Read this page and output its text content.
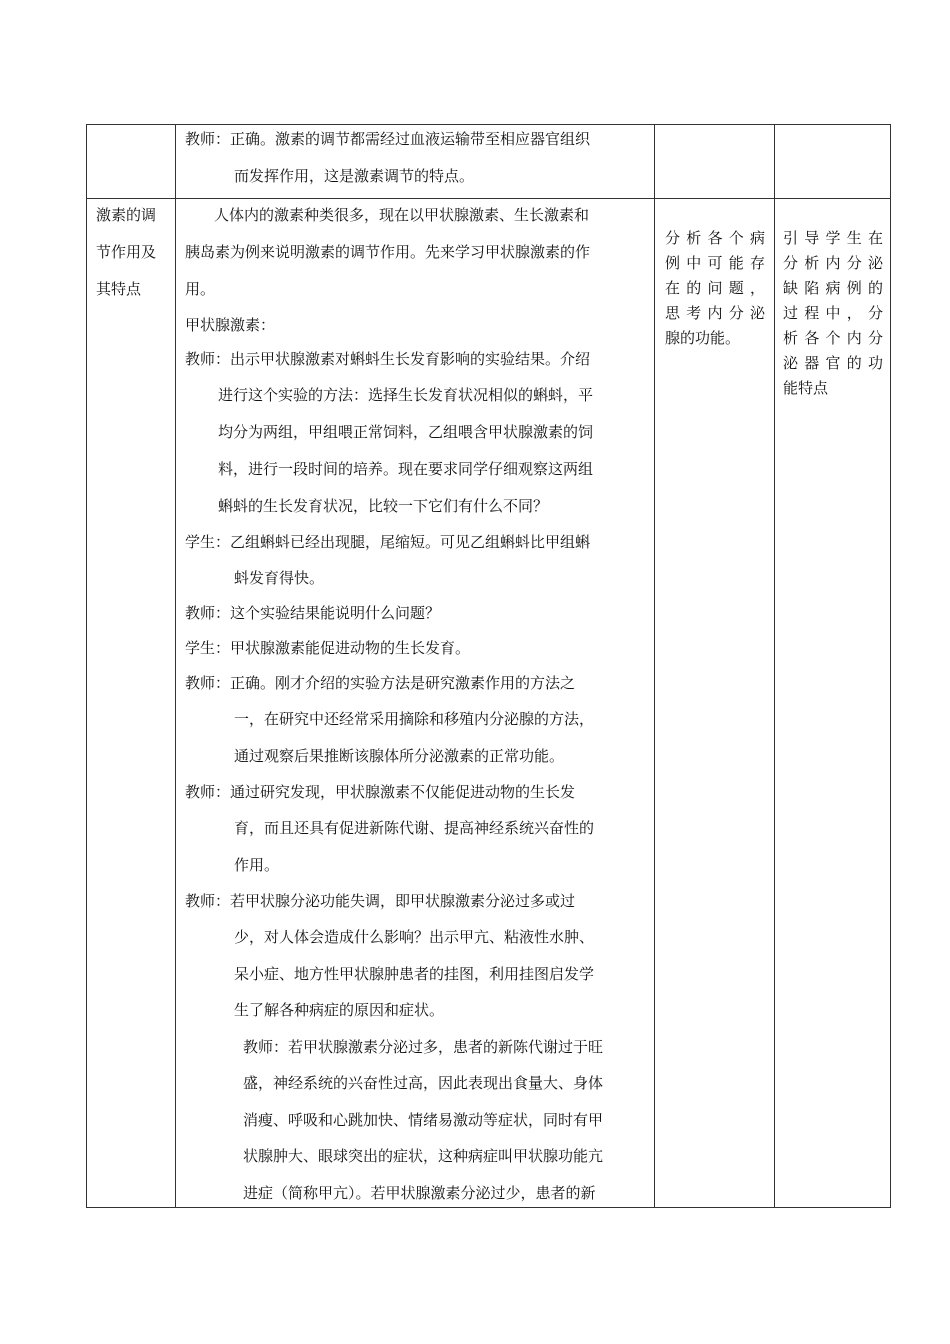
教师：正确。激素的调节都需经过血液运输带至相应器官组织
而发挥作用，这是激素调节的特点。
激素的调
节作用及
其特点
人体内的激素种类很多，现在以甲状腺激素、生长激素和
胰岛素为例来说明激素的调节作用。先来学习甲状腺激素的作
用。
甲状腺激素：
教师：出示甲状腺激素对蝌蚪生长发育影响的实验结果。介绍
进行这个实验的方法：选择生长发育状况相似的蝌蚪，平
均分为两组，甲组喂正常饲料，乙组喂含甲状腺激素的饲
料，进行一段时间的培养。现在要求同学仔细观察这两组
蝌蚪的生长发育状况，比较一下它们有什么不同？
学生：乙组蝌蚪已经出现腿，尾缩短。可见乙组蝌蚪比甲组蝌
蚪发育得快。
教师：这个实验结果能说明什么问题？
学生：甲状腺激素能促进动物的生长发育。
教师：正确。刚才介绍的实验方法是研究激素作用的方法之
一，在研究中还经常采用摘除和移殖内分泌腺的方法，
通过观察后果推断该腺体所分泌激素的正常功能。
教师：通过研究发现，甲状腺激素不仅能促进动物的生长发
育，而且还具有促进新陈代谢、提高神经系统兴奋性的
作用。
教师：若甲状腺分泌功能失调，即甲状腺激素分泌过多或过
少，对人体会造成什么影响？出示甲亢、粘液性水肿、
呆小症、地方性甲状腺肿患者的挂图，利用挂图启发学
生了解各种病症的原因和症状。
教师：若甲状腺激素分泌过多，患者的新陈代谢过于旺
盛，神经系统的兴奋性过高，因此表现出食量大、身体
消瘦、呼吸和心跳加快、情绪易激动等症状，同时有甲
状腺肿大、眼球突出的症状，这种病症叫甲状腺功能亢
进症（简称甲亢）。若甲状腺激素分泌过少，患者的新
分析各个病
例中可能存
在的问题，
思考内分泌
腺的功能。
引导学生在
分析内分泌
缺陷病例的
过程中，分
析各个内分
泌器官的功
能特点
